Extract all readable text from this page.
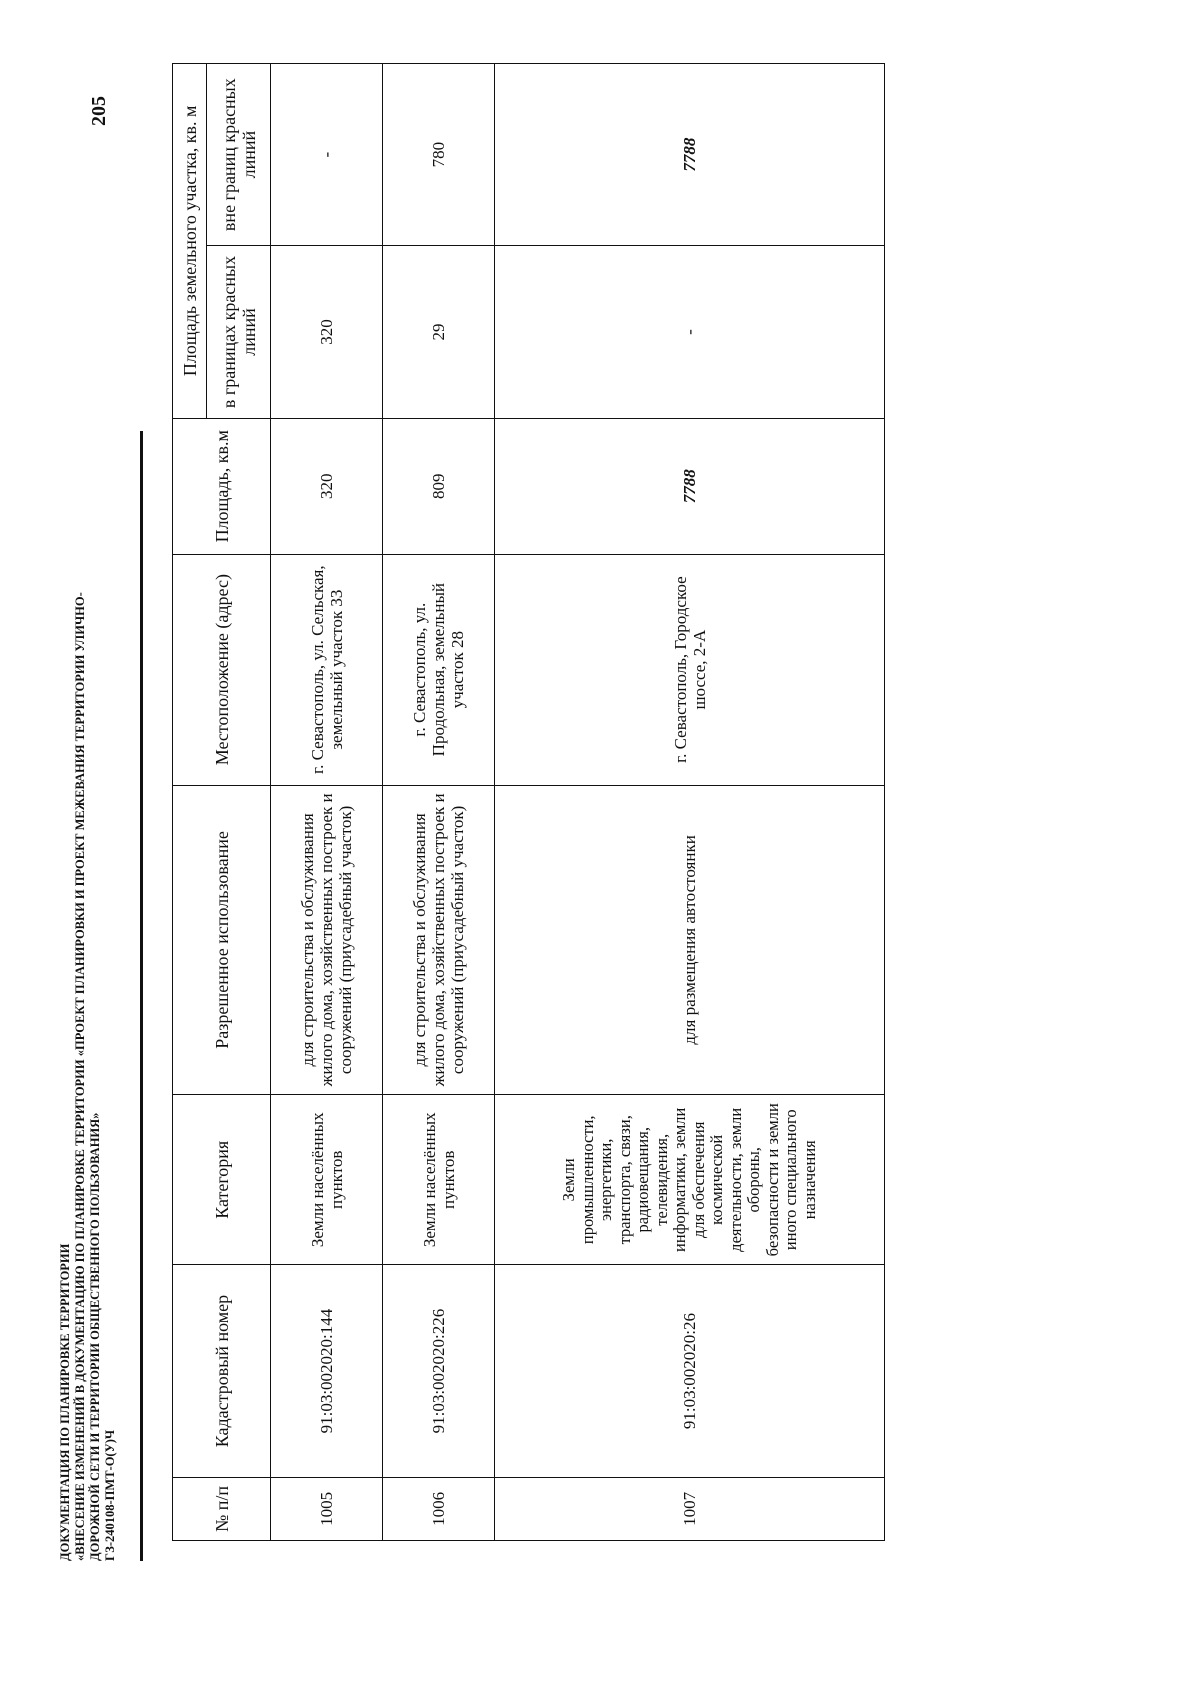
ДОКУМЕНТАЦИЯ ПО ПЛАНИРОВКЕ ТЕРРИТОРИИ «ВНЕСЕНИЕ ИЗМЕНЕНИЙ В ДОКУМЕНТАЦИЮ ПО ПЛАНИРОВКЕ ТЕРРИТОРИИ «ПРОЕКТ ПЛАНИРОВКИ И ПРОЕКТ МЕЖЕВАНИЯ ТЕРРИТОРИИ УЛИЧНО- ДОРОЖНОЙ СЕТИ И ТЕРРИТОРИИ ОБЩЕСТВЕННОГО ПОЛЬЗОВАНИЯ» ГЗ-240108-ПМТ-О(У)Ч
205
№ п/п	Кадастровый номер	Категория	Разрешенное использование	Местоположение (адрес)	Площадь, кв.м	Площадь земельного участка, кв. м	
						в границах красных линий	вне границ красных линий
1005	91:03:002020:144	Земли населённых пунктов	для строительства и обслуживания жилого дома, хозяйственных построек и сооружений (приусадебный участок)	г. Севастополь, ул. Сельская, земельный участок 33	320	320	-
1006	91:03:002020:226	Земли населённых пунктов	для строительства и обслуживания жилого дома, хозяйственных построек и сооружений (приусадебный участок)	г. Севастополь, ул. Продольная, земельный участок 28	809	29	780
1007	91:03:002020:26	Земли промышленности, энергетики, транспорта, связи, радиовещания, телевидения, информатики, земли для обеспечения космической деятельности, земли обороны, безопасности и земли иного специального назначения	для размещения автостоянки	г. Севастополь, Городское шоссе, 2-А	7788	-	7788
